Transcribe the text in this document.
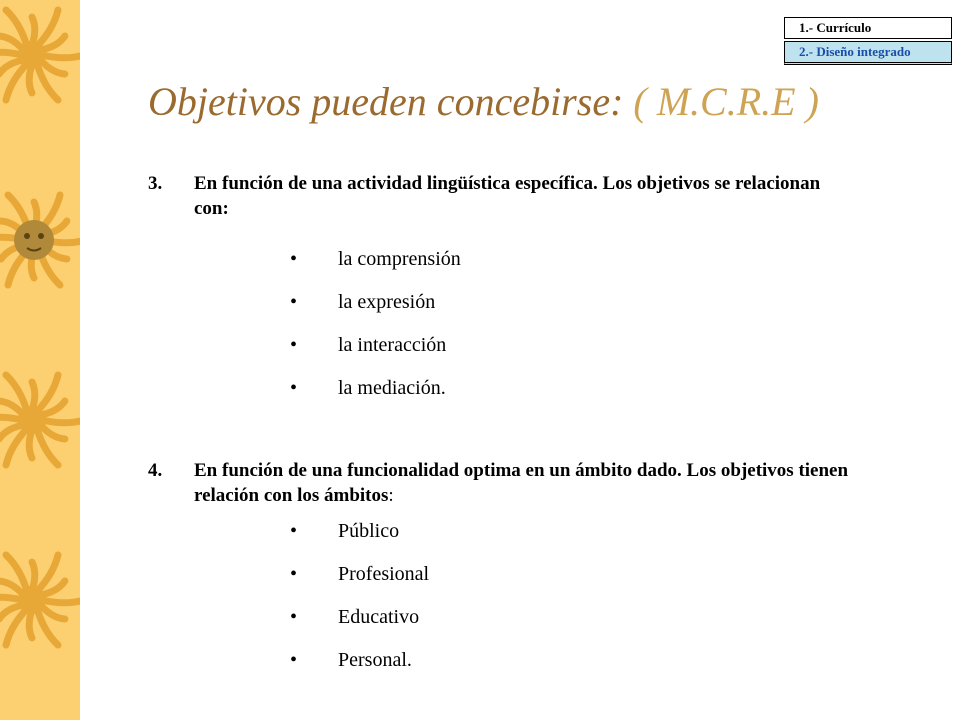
1.- Currículo
2.- Diseño integrado
Objetivos pueden concebirse: ( M.C.R.E )
3. En función de una actividad lingüística específica. Los objetivos se relacionan con:
• la comprensión
• la expresión
• la interacción
• la mediación.
4. En función de una funcionalidad optima en un ámbito dado. Los objetivos tienen relación con los ámbitos:
• Público
• Profesional
• Educativo
• Personal.
